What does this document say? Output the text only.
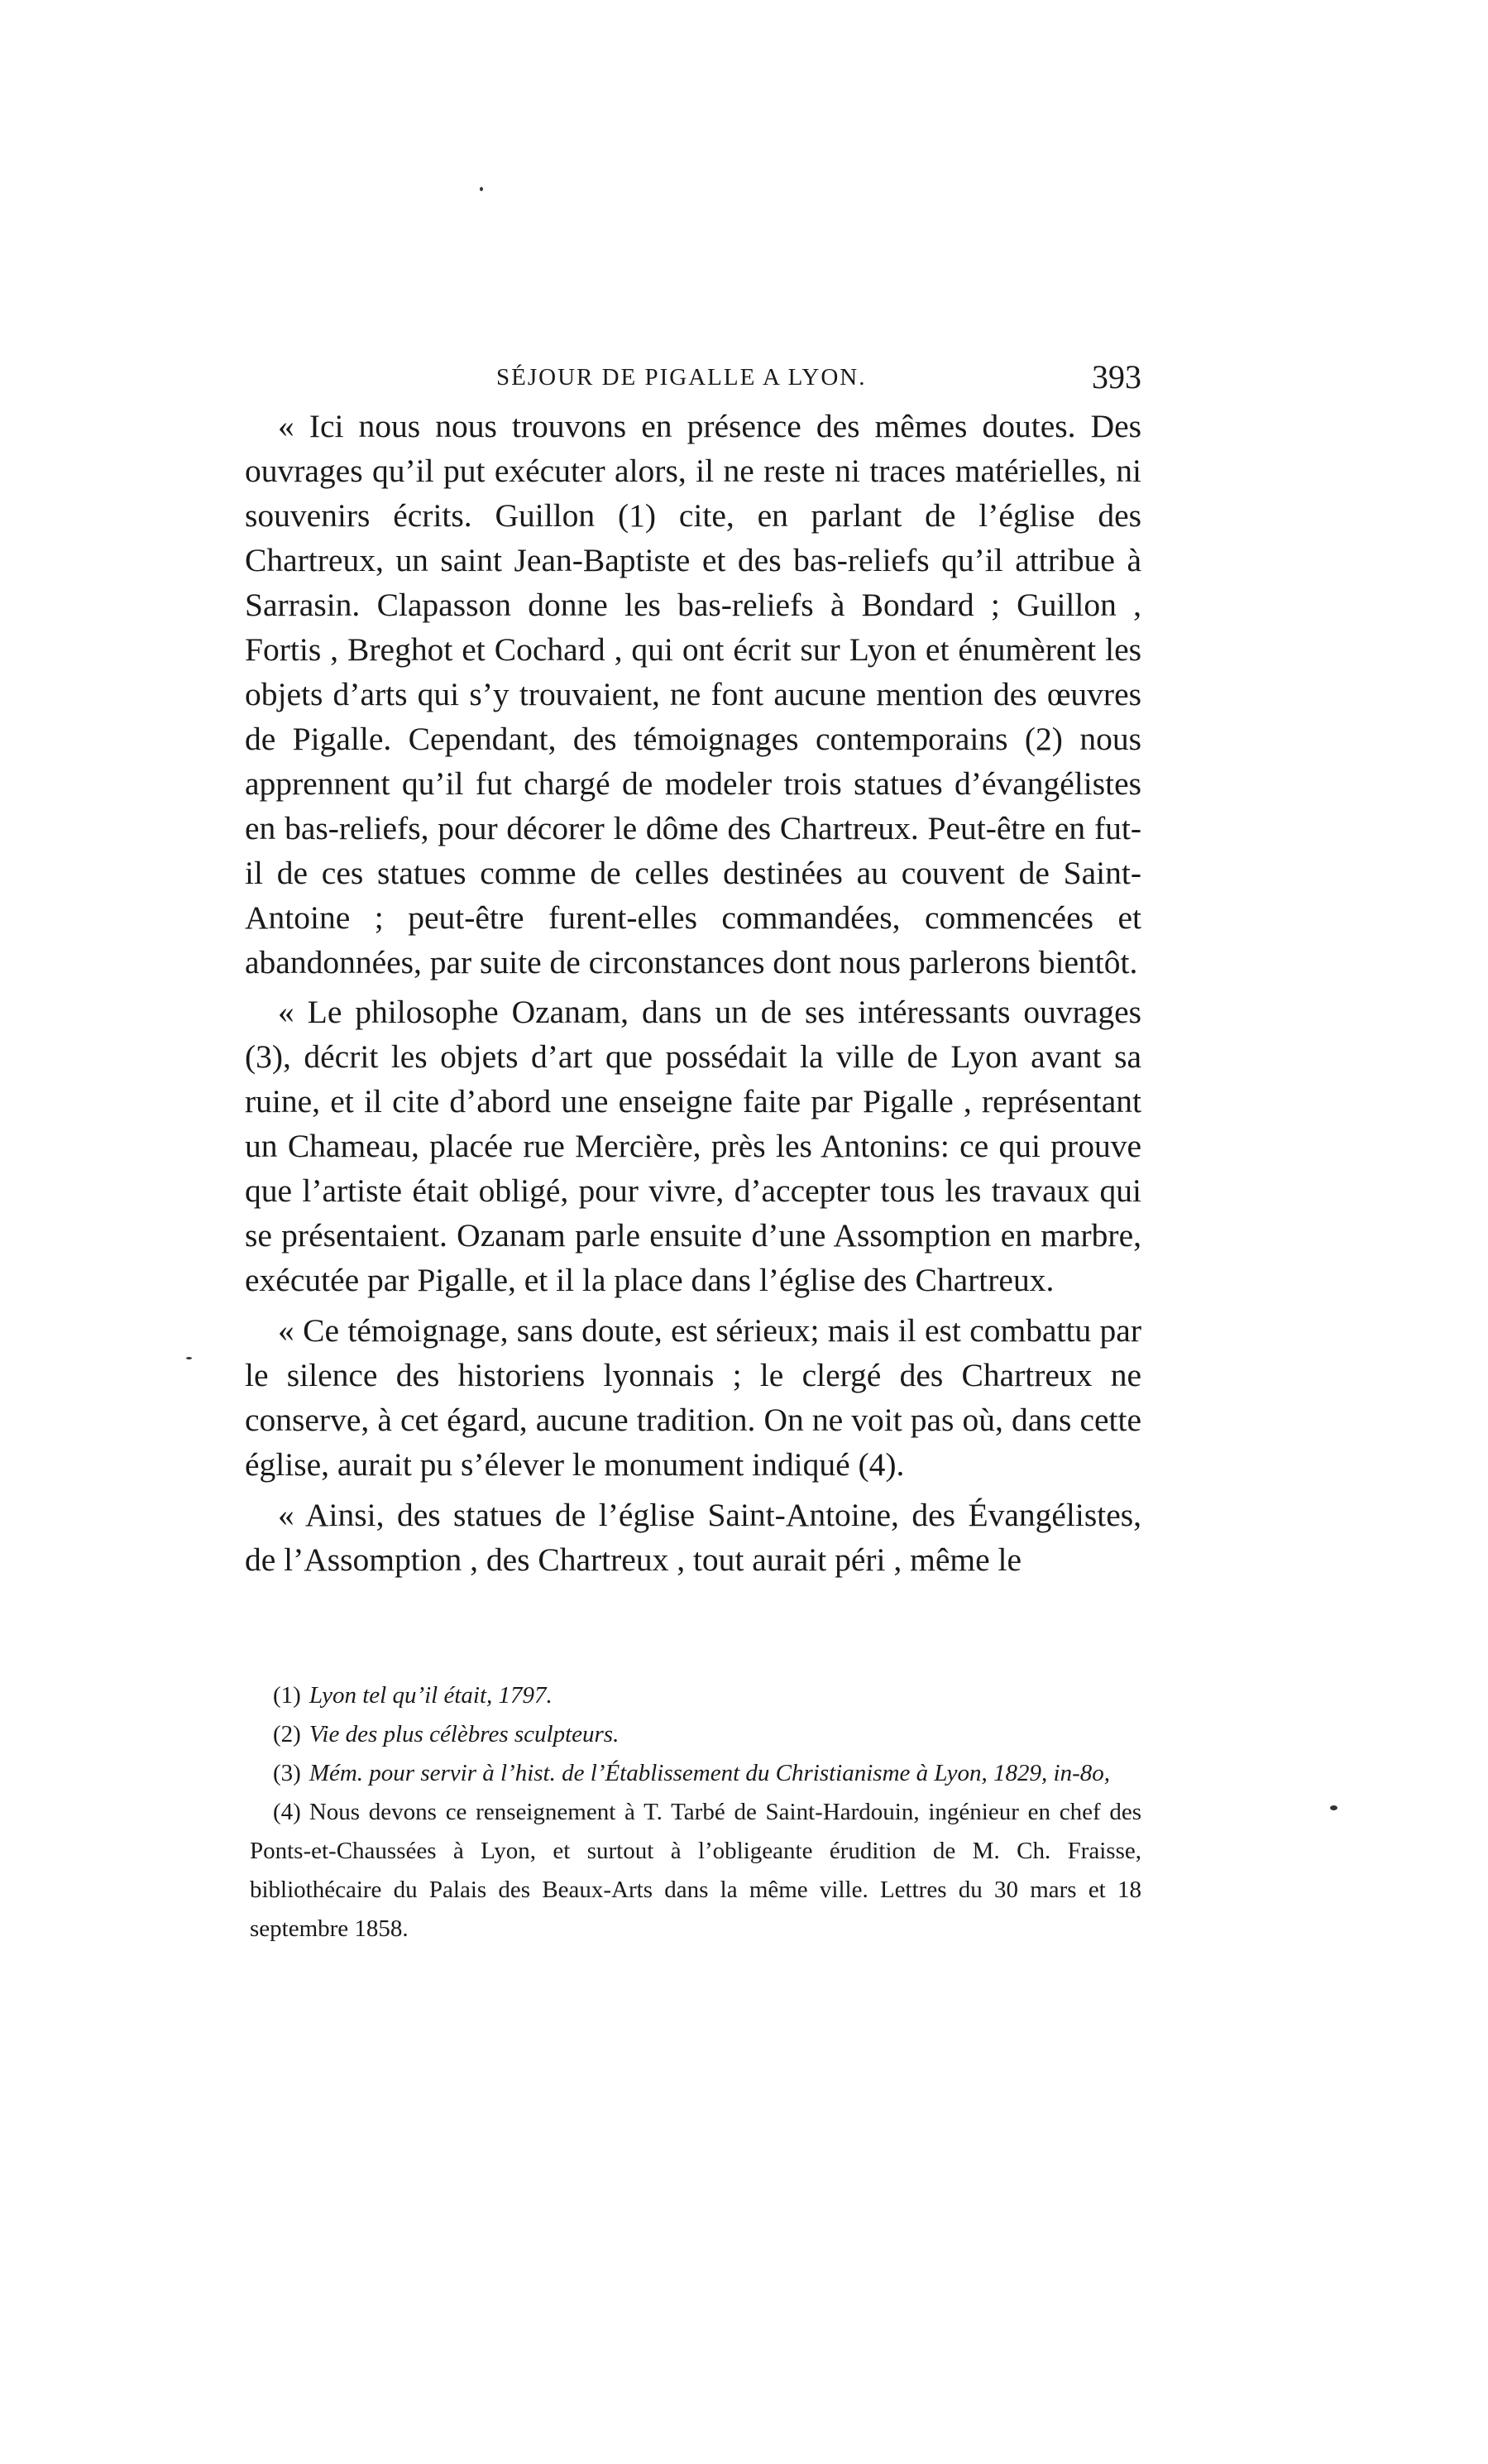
SÉJOUR DE PIGALLE A LYON.	393

« Ici nous nous trouvons en présence des mêmes doutes. Des ouvrages qu’il put exécuter alors, il ne reste ni traces matérielles, ni souvenirs écrits. Guillon (1) cite, en parlant de l’église des Chartreux, un saint Jean-Baptiste et des bas-reliefs qu’il attribue à Sarrasin. Clapasson donne les bas-reliefs à Bondard ; Guillon , Fortis , Breghot et Cochard , qui ont écrit sur Lyon et énumèrent les objets d’arts qui s’y trouvaient, ne font aucune mention des œuvres de Pigalle. Cependant, des témoignages contemporains (2) nous apprennent qu’il fut chargé de modeler trois statues d’évangélistes en bas-reliefs, pour décorer le dôme des Chartreux. Peut-être en fut-il de ces statues comme de celles destinées au couvent de Saint-Antoine ; peut-être furent-elles commandées, commencées et abandonnées, par suite de circonstances dont nous parlerons bientôt.

« Le philosophe Ozanam, dans un de ses intéressants ouvrages (3), décrit les objets d’art que possédait la ville de Lyon avant sa ruine, et il cite d’abord une enseigne faite par Pigalle , représentant un Chameau, placée rue Mercière, près les Antonins: ce qui prouve que l’artiste était obligé, pour vivre, d’accepter tous les travaux qui se présentaient. Ozanam parle ensuite d’une Assomption en marbre, exécutée par Pigalle, et il la place dans l’église des Chartreux.

« Ce témoignage, sans doute, est sérieux; mais il est combattu par le silence des historiens lyonnais ; le clergé des Chartreux ne conserve, à cet égard, aucune tradition. On ne voit pas où, dans cette église, aurait pu s’élever le monument indiqué (4).

« Ainsi, des statues de l’église Saint-Antoine, des Évangélistes, de l’Assomption , des Chartreux , tout aurait péri , même le

(1) Lyon tel qu’il était, 1797.

(2) Vie des plus célèbres sculpteurs.

(3) Mém. pour servir à l’hist. de l’Établissement du Christianisme à Lyon, 1829, in-8o,

(4) Nous devons ce renseignement à T. Tarbé de Saint-Hardouin, ingénieur en chef des Ponts-et-Chaussées à Lyon, et surtout à l’obligeante érudition de M. Ch. Fraisse, bibliothécaire du Palais des Beaux-Arts dans la même ville. Lettres du 30 mars et 18 septembre 1858.
